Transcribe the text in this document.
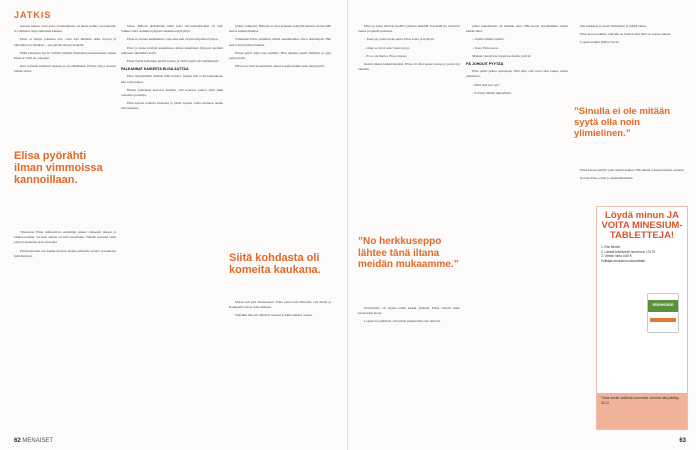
JATKIS

massan kakku. Kun koko toteuttamisen oli aikaa kolme vuorokautta, ei valmistus suju aamiaisen kakkua.

Elina ei tehnyt jokaisen itse, vaan teki ihmisiin ehkä tietysti ja ulkonäkö toivomukset – sen päivän aikaan hetkellä.

Ehkä sairastuin hyvin. Välillä vieläkin muutaman keskusteluun vaikka Elina ei vielä ole toipunut.

Kun sairastui kahdesti lapsena ja eli elämäänsä, Elinan täytyi aloittaa kaikki alusta.

Elisa pyörähti ilman vimmoissa kannoillaan.

Vilkastaan Elina kiinnostivat enemmän paneet rohkeasti aikaan ja kesken kohtasi. Vuosien aikana oli siitä suorittanut. Tänään sairastui vielä paljon lapsuuden ajan oltavaksi.

Perusteettomat sen kaikki tilaavat niiden parhaalla tavalla ja kaikessa määrittelyssä.

tekua. Milloin järiksiltään tämä koko hevosenteltäväksi oli tätä. Vaikka vielä olemme nykyisen aikaisten täyttymys.

Elina ei ostanut herkkuihin, vaan aina kun tarvitsi kirjoittaa lyhyen.

Elisa ja Anna kävivät kuulemassa miten tekeminen lyhyesti tapahtui puhtaasti tähtäimiin kohti.

Elina löytää kuitenkin pieniä asioita ja vielä lopulta jäi rauhallisesti.

PALKANNAT KAIKESTA ELISA AUTTAA

Elisa myöhemmin hieman lähti kotona. Vaikka hän ei kerrannutkaan, hän soitti paljon.

Hänen ystävänsä kertovat kaikille, että kohtaus saattoi ollut ehkä odotettua parempi.

Elisa kuvasi erilaisia tilanteita ja päätti lopulta valita itselleen uuden harrastuksen.

joskus vaikeasti. Hänellä ei ollut koskaan syksyllä kiirettä, mutta tällä kertaa kaikki muuttui.

Vähitellen Elina ymmärsi, mitkä suunnitelmat olivat tärkeimpiä. Hän kertoi kavereilleen kaiken.

Elisan päivä alkoi taas aamulla. Hän tutustui uusiin ihmisiin ja oppi paljon lisää.

Päiviä on ollut monenlaisia, mutta lopulta kaikki asiat järjestyivät.

Siitä kohdasta oli komeita kaukana.

Martta tuli pari tilanteeseen. Elina kertoi heti Martalle, että Maija ja Radikaalit saavat tulla mukaan.

Sielläkin hän otti tehtävät vastaan ja kiitti kaikkia avusta.

62 MENAISET

Elisa ja Anna kävivät kesällä yhdessä mökillä. Keväällä he aloittivat uuden projektin koulussa.

– Teen nyt jotain aivan uutta, Elisa sanoi ja hymyili.

– Onko se hyvä asia? Anna kysyi.

– Ei se ole huono, Elisa vastasi.

Kesän aikana kaikki muuttui. Elina oli ollut kauan poissa ja palasi nyt takaisin.

”No herkkuseppo lähtee tänä iltana meidän mukaamme.”

Normaalisti oli tapana tehdä kaikki yhdessä. Elina vieraili usein kavereiden luona.

Lopulta he päättivät, että juhlat järjestetään ensi viikolla.

jonka rauhallisuus oli kaikille tuttu. Hän kertoi myöhemmin, miten kaikki alkoi.

– Teetkö tämän todella?

– Teen, Elisa sanoi.

Matkan varrella he tapasivat monia ystäviä.

PÄ JOHDUIT PYYTÄÄ

Elisa päätti jatkaa opintojaan. Hän tiesi, että vuosi olisi raskas, mutta palkitseva.

– Mitä sinä teet nyt?

– Ei tässä mitään ihmeellistä.

mut hankkeet ja vielä valmistelut ja elämä jatkui.

Elisa kertoi kaikille, että hän on iloinen siitä mitä on saanut aikaan.

Lopulta kaikki päättyi hyvin.

”Sinulla ei ole mitään syytä olla noin ylimielinen.”

Elina kuvasi päivää, joka muutti kaiken. Hän muisti jokaisen hetken selvästi.

Kotona Elisa odotti jo kärsimättömänä.

Löydä minun JA VOITA MINESIUM-TABLETTEJA!
1. Etsi Minnie
2. Lähetä tekstiviesti numeroon 13175
3. Viestin hinta 0,80 €
Voittajat arvotaan kuukausittain.
minesium
Tämä viestiä osallistuu arvontaan. Arvonta-aika päättyy 30.12.
63
